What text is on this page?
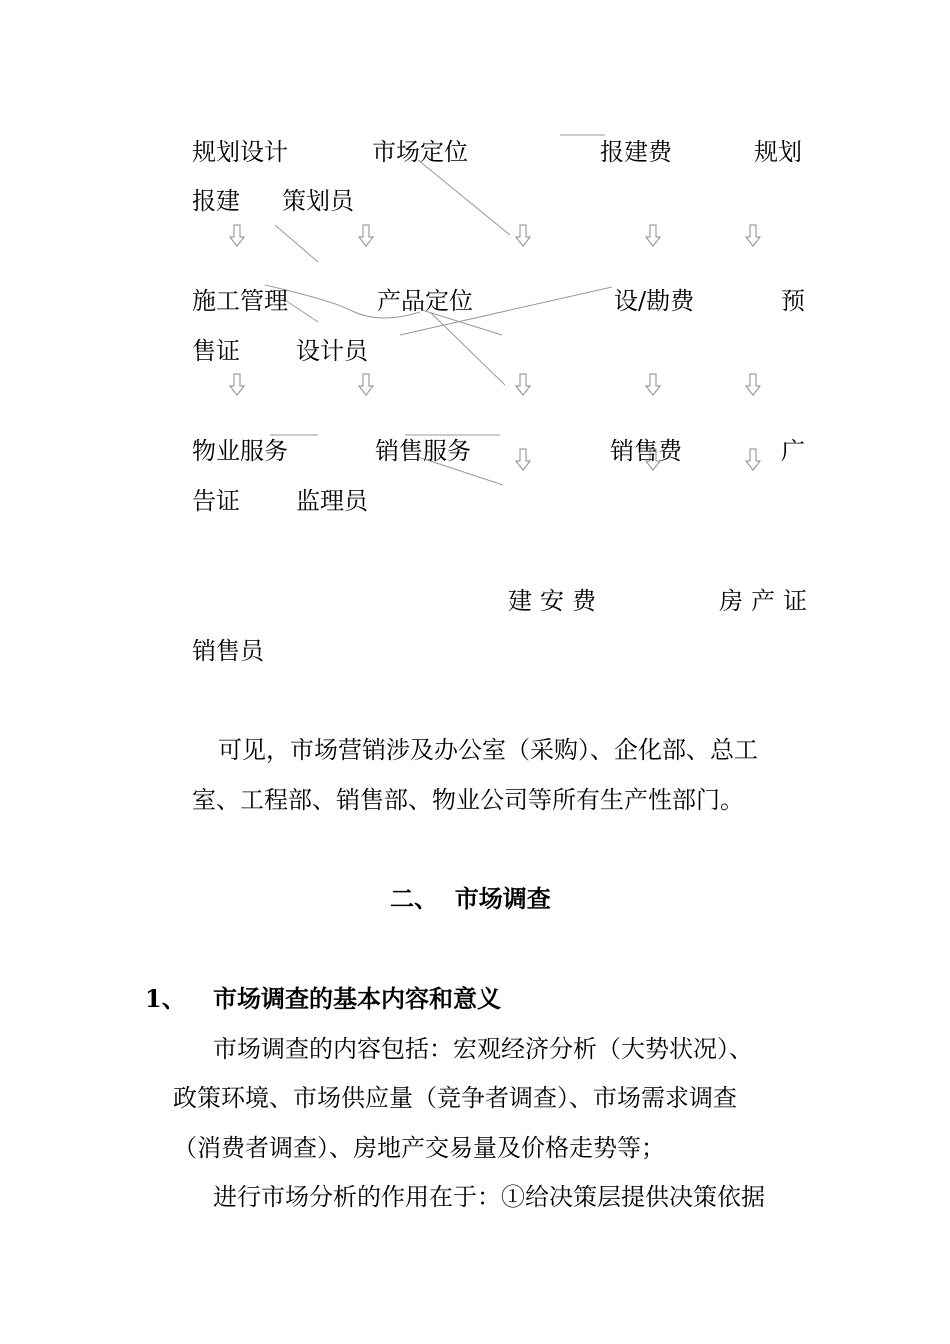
规划设计	市场定位	报建费	规划
报建 策划员
施工管理	产品定位	设/勘费	预
售证 设计员
物业服务	销售服务	销售费	广
告证 监理员
建安费	房产证
销售员
可见，市场营销涉及办公室（采购）、企化部、总工
室、工程部、销售部、物业公司等所有生产性部门。
二、  市场调查
1、 市场调查的基本内容和意义
市场调查的内容包括：宏观经济分析（大势状况）、
政策环境、市场供应量（竞争者调查）、市场需求调查
（消费者调查）、房地产交易量及价格走势等；
进行市场分析的作用在于：①给决策层提供决策依据
